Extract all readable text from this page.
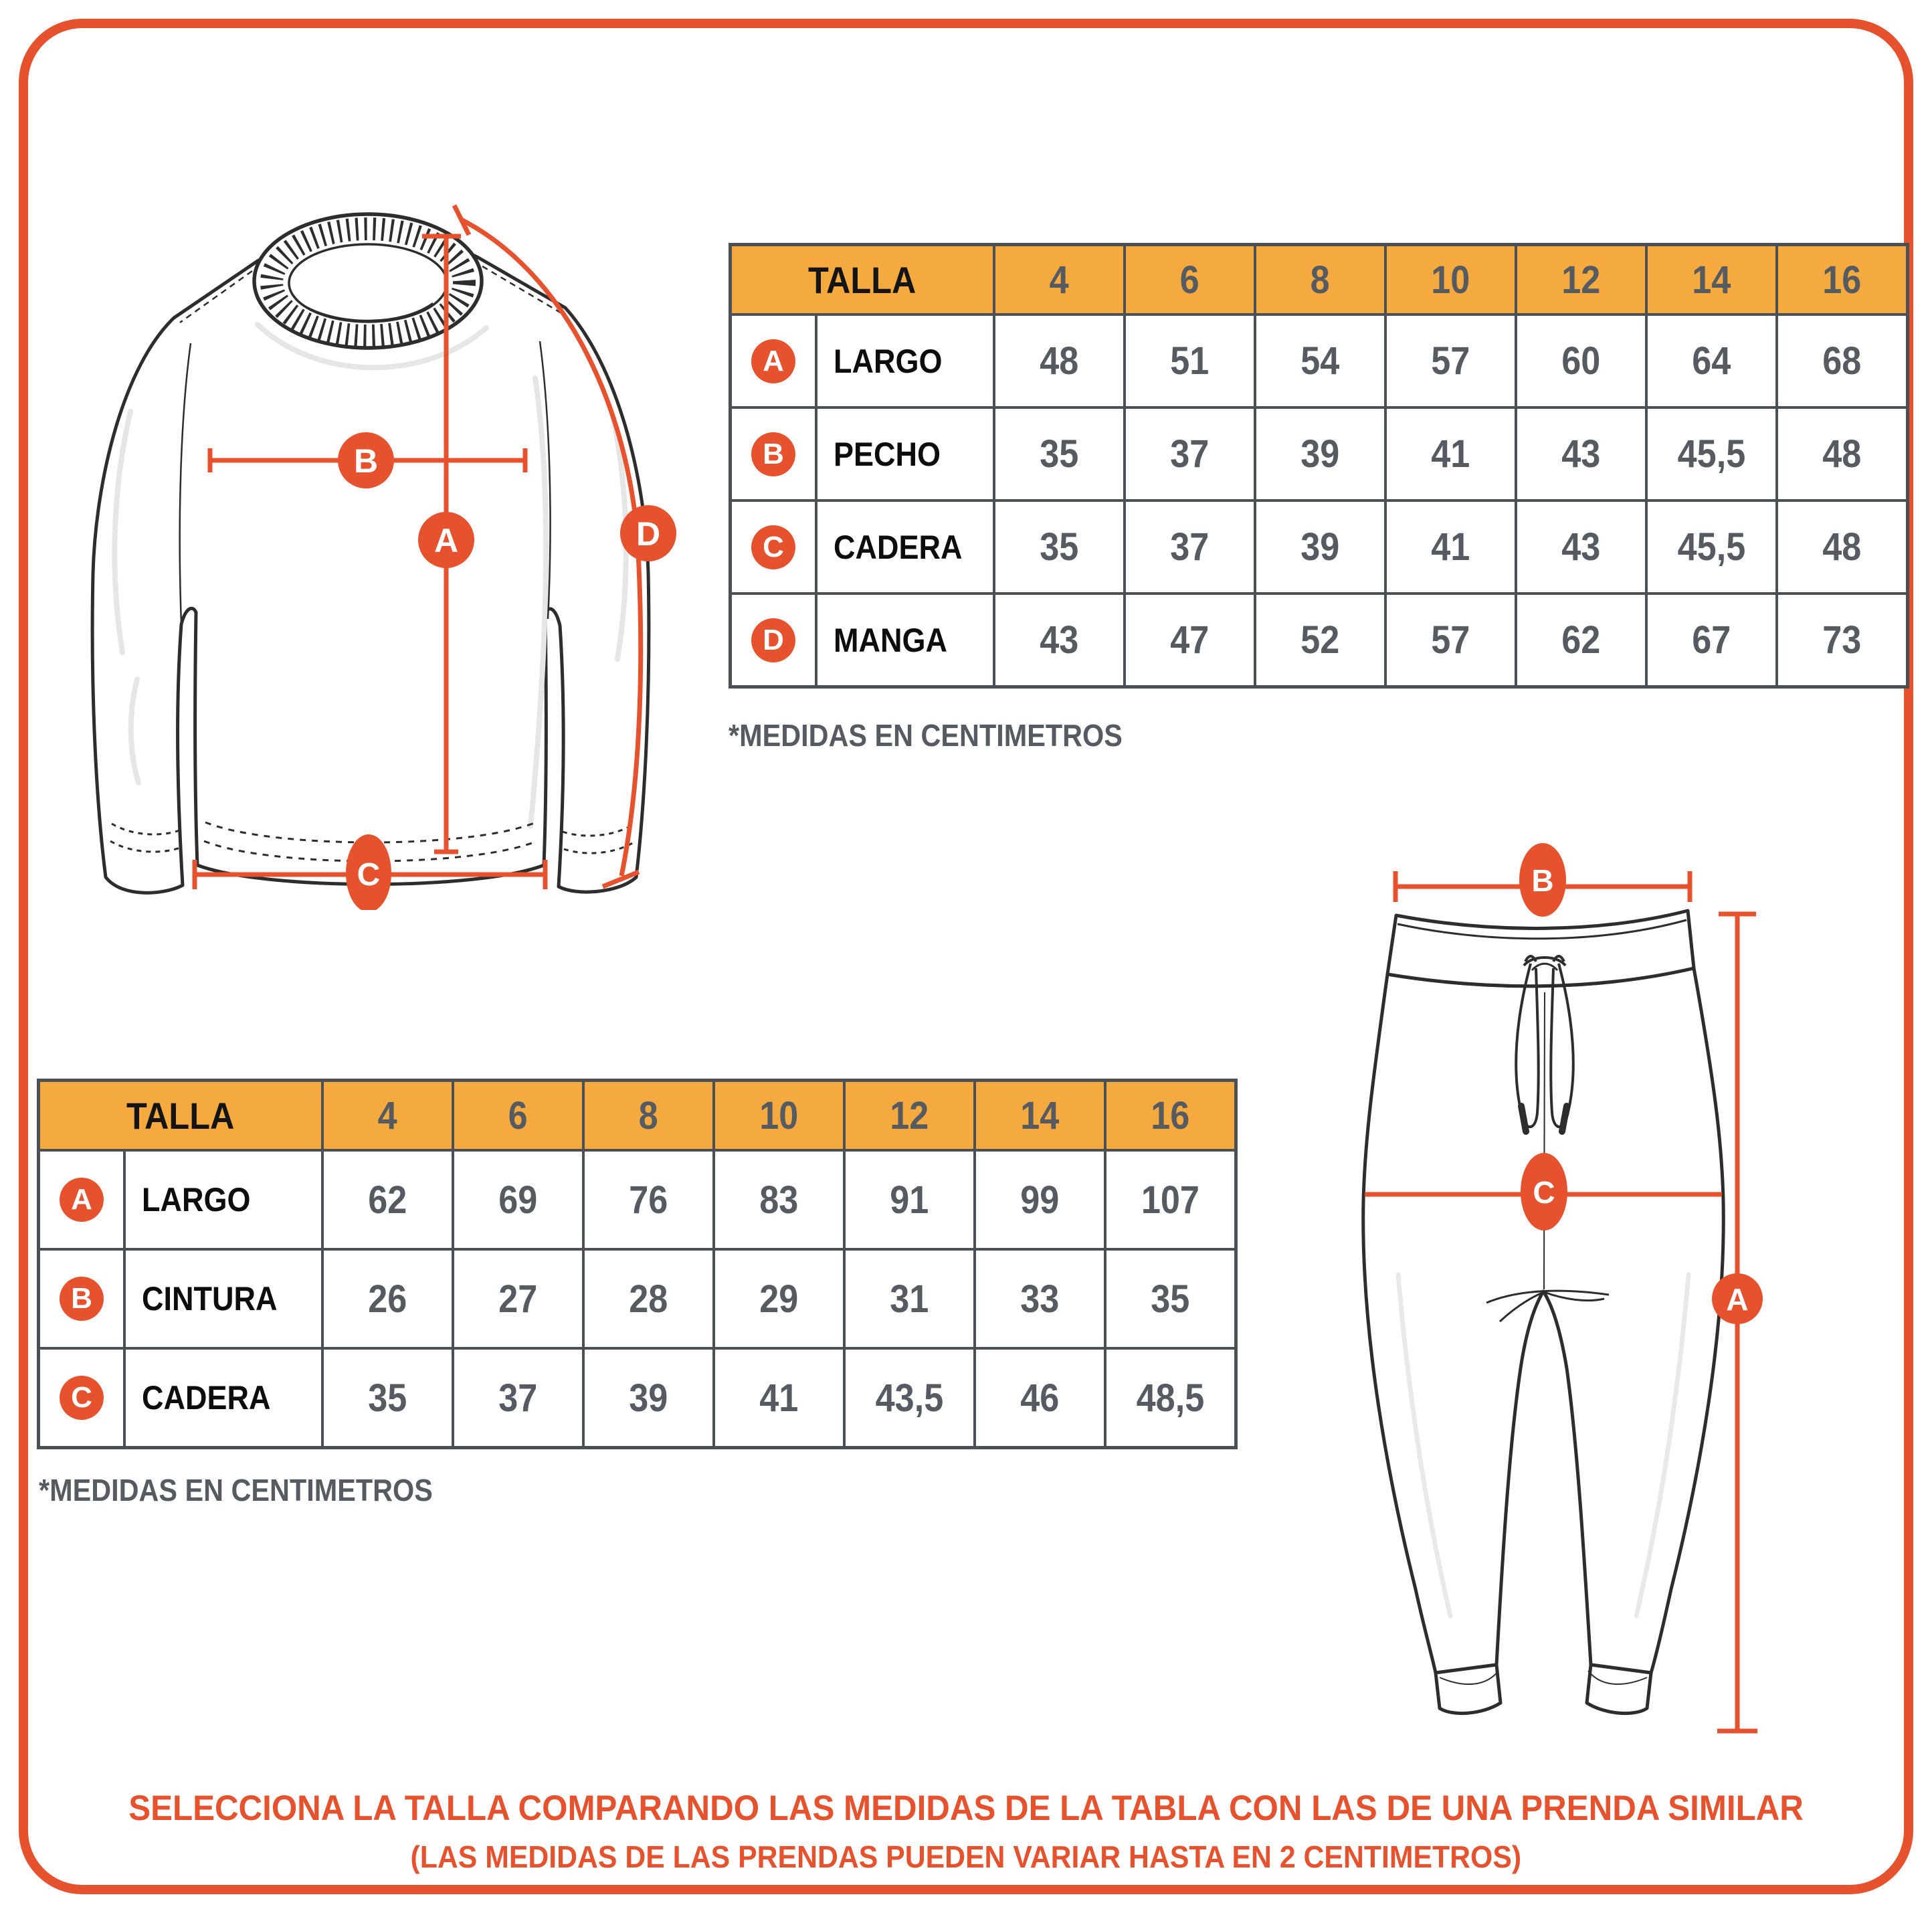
B
A
C
D
TALLA	4	6	8	10 12 14 16
A	LARGO	48 51 54 57 60 64 68
B	PECHO	35 37 39 41 43 45,5 48
C	CADERA 35 37 39 41 43 45,5 48
D	MANGA 43 47 52 57 62 67 73
*MEDIDAS EN CENTIMETROS
TALLA	4	6	8	10 12 14 16
A	LARGO	62 69 76 83 91 99 107
B	CINTURA 26 27 28 29 31 33 35
C	CADERA	35 37 39 41 43,5 46 48,5
*MEDIDAS EN CENTIMETROS
B
C
A
SELECCIONA LA TALLA COMPARANDO LAS MEDIDAS DE LA TABLA CON LAS DE UNA PRENDA SIMILAR
(LAS MEDIDAS DE LAS PRENDAS PUEDEN VARIAR HASTA EN 2 CENTIMETROS)
